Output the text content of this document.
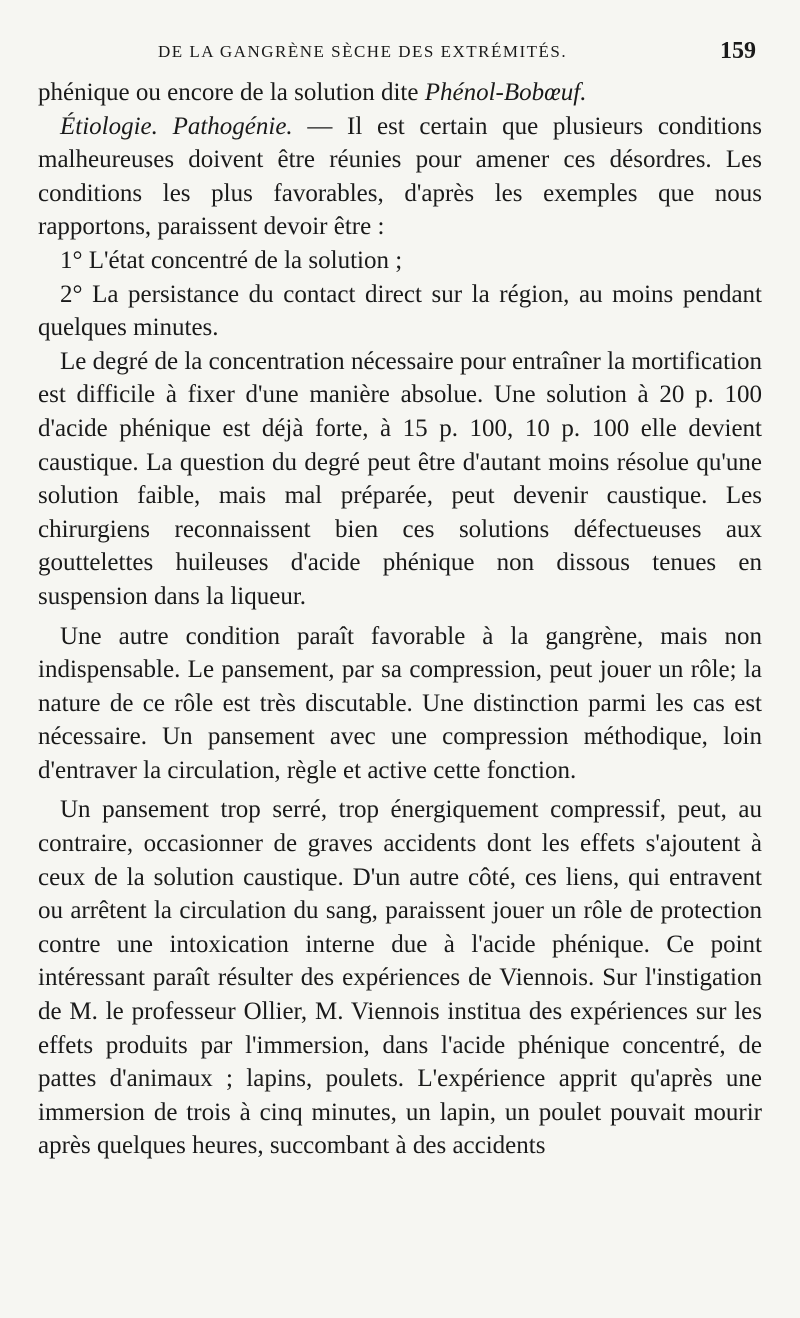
DE LA GANGRÈNE SÈCHE DES EXTRÉMITÉS.	159

phénique ou encore de la solution dite Phénol-Bobœuf.

Étiologie. Pathogénie. — Il est certain que plusieurs conditions malheureuses doivent être réunies pour amener ces désordres. Les conditions les plus favorables, d'après les exemples que nous rapportons, paraissent devoir être :

1° L'état concentré de la solution ;

2° La persistance du contact direct sur la région, au moins pendant quelques minutes.

Le degré de la concentration nécessaire pour entraîner la mortification est difficile à fixer d'une manière absolue. Une solution à 20 p. 100 d'acide phénique est déjà forte, à 15 p. 100, 10 p. 100 elle devient caustique. La question du degré peut être d'autant moins résolue qu'une solution faible, mais mal préparée, peut devenir caustique. Les chirurgiens reconnaissent bien ces solutions défectueuses aux gouttelettes huileuses d'acide phénique non dissous tenues en suspension dans la liqueur.

Une autre condition paraît favorable à la gangrène, mais non indispensable. Le pansement, par sa compression, peut jouer un rôle; la nature de ce rôle est très discutable. Une distinction parmi les cas est nécessaire. Un pansement avec une compression méthodique, loin d'entraver la circulation, règle et active cette fonction.

Un pansement trop serré, trop énergiquement compressif, peut, au contraire, occasionner de graves accidents dont les effets s'ajoutent à ceux de la solution caustique. D'un autre côté, ces liens, qui entravent ou arrêtent la circulation du sang, paraissent jouer un rôle de protection contre une intoxication interne due à l'acide phénique. Ce point intéressant paraît résulter des expériences de Viennois. Sur l'instigation de M. le professeur Ollier, M. Viennois institua des expériences sur les effets produits par l'immersion, dans l'acide phénique concentré, de pattes d'animaux ; lapins, poulets. L'expérience apprit qu'après une immersion de trois à cinq minutes, un lapin, un poulet pouvait mourir après quelques heures, succombant à des accidents
